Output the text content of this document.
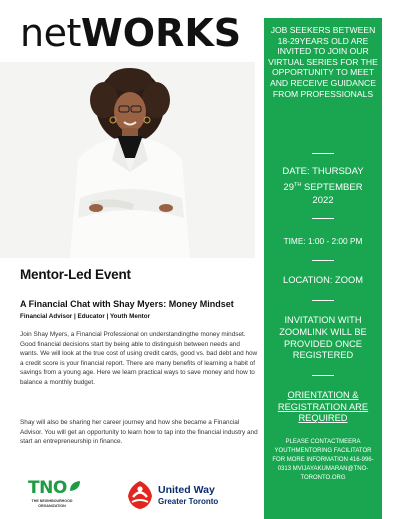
netWORKS
Mentor-Led Event
A Financial Chat with Shay Myers: Money Mindset
Financial Advisor | Educator | Youth Mentor

Join Shay Myers, a Financial Professional on understandingthe money mindset. Good financial decisions start by being able to distinguish between needs and wants. We will look at the true cost of using credit cards, good vs. bad debt and how a credit score is your financial report. There are many benefits of learning a habit of savings from a young age. Here we learn practical ways to save money and how to balance a monthly budget.

Shay will also be sharing her career journey and how she became a Financial Advisor. You will get an opportunity to learn how to tap into the financial industry and start an entrepreneurship in finance.

TNO
THE NEIGHBOURHOOD ORGANIZATION
United Way
Greater Toronto

JOB SEEKERS BETWEEN 18-29YEARS OLD ARE INVITED TO JOIN OUR VIRTUAL SERIES FOR THE OPPORTUNITY TO MEET AND RECEIVE GUIDANCE FROM PROFESSIONALS

DATE: THURSDAY
29TH SEPTEMBER
2022
TIME: 1:00 - 2:00 PM
LOCATION: ZOOM

INVITATION WITH ZOOMLINK WILL BE PROVIDED ONCE REGISTERED

ORIENTATION & REGISTRATION ARE REQUIRED

PLEASE CONTACTMEERA YOUTHMENTORING FACILITATOR FOR MORE INFORMATION 416-996-0313 MVIJAYAKUMARAN@TNO-TORONTO.ORG
